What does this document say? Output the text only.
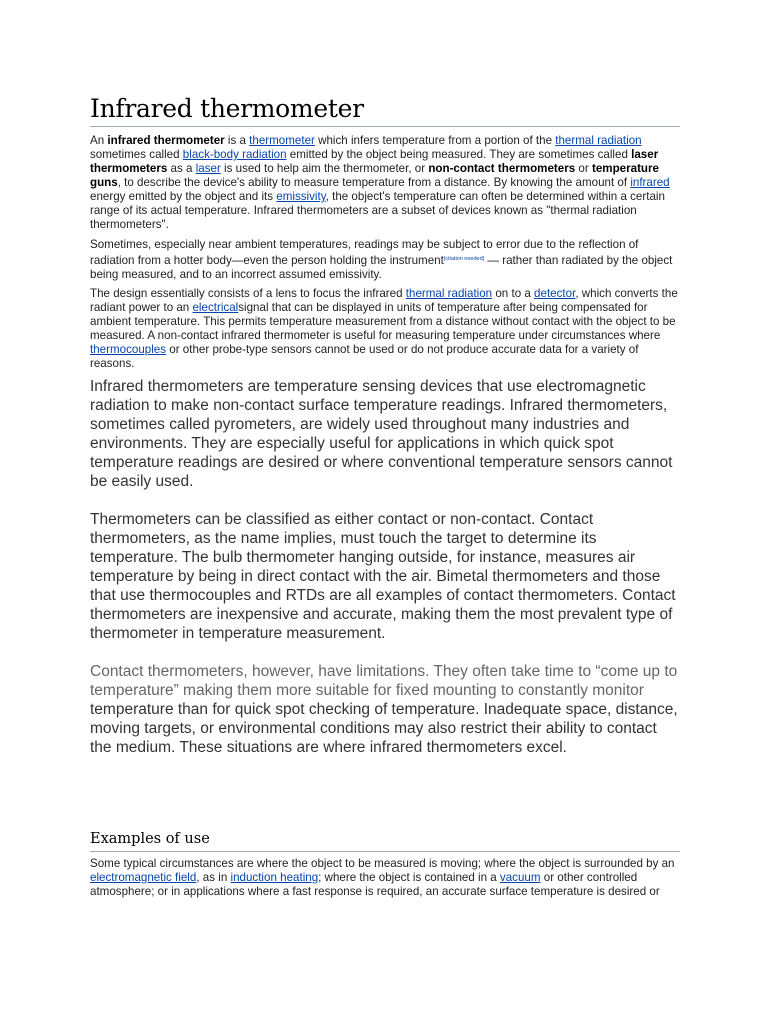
Infrared thermometer

An infrared thermometer is a thermometer which infers temperature from a portion of the thermal radiation sometimes called black-body radiation emitted by the object being measured. They are sometimes called laser thermometers as a laser is used to help aim the thermometer, or non-contact thermometers or temperature guns, to describe the device's ability to measure temperature from a distance. By knowing the amount of infrared energy emitted by the object and its emissivity, the object's temperature can often be determined within a certain range of its actual temperature. Infrared thermometers are a subset of devices known as "thermal radiation thermometers".

Sometimes, especially near ambient temperatures, readings may be subject to error due to the reflection of radiation from a hotter body—even the person holding the instrument[citation needed] — rather than radiated by the object being measured, and to an incorrect assumed emissivity.

The design essentially consists of a lens to focus the infrared thermal radiation on to a detector, which converts the radiant power to an electricalsignal that can be displayed in units of temperature after being compensated for ambient temperature. This permits temperature measurement from a distance without contact with the object to be measured. A non-contact infrared thermometer is useful for measuring temperature under circumstances where thermocouples or other probe-type sensors cannot be used or do not produce accurate data for a variety of reasons.

Infrared thermometers are temperature sensing devices that use electromagnetic radiation to make non-contact surface temperature readings. Infrared thermometers, sometimes called pyrometers, are widely used throughout many industries and environments. They are especially useful for applications in which quick spot temperature readings are desired or where conventional temperature sensors cannot be easily used.

Thermometers can be classified as either contact or non-contact. Contact thermometers, as the name implies, must touch the target to determine its temperature. The bulb thermometer hanging outside, for instance, measures air temperature by being in direct contact with the air. Bimetal thermometers and those that use thermocouples and RTDs are all examples of contact thermometers. Contact thermometers are inexpensive and accurate, making them the most prevalent type of thermometer in temperature measurement.

Contact thermometers, however, have limitations. They often take time to “come up to temperature” making them more suitable for fixed mounting to constantly monitor temperature than for quick spot checking of temperature. Inadequate space, distance, moving targets, or environmental conditions may also restrict their ability to contact the medium. These situations are where infrared thermometers excel.

Examples of use

Some typical circumstances are where the object to be measured is moving; where the object is surrounded by an electromagnetic field, as in induction heating; where the object is contained in a vacuum or other controlled atmosphere; or in applications where a fast response is required, an accurate surface temperature is desired or
